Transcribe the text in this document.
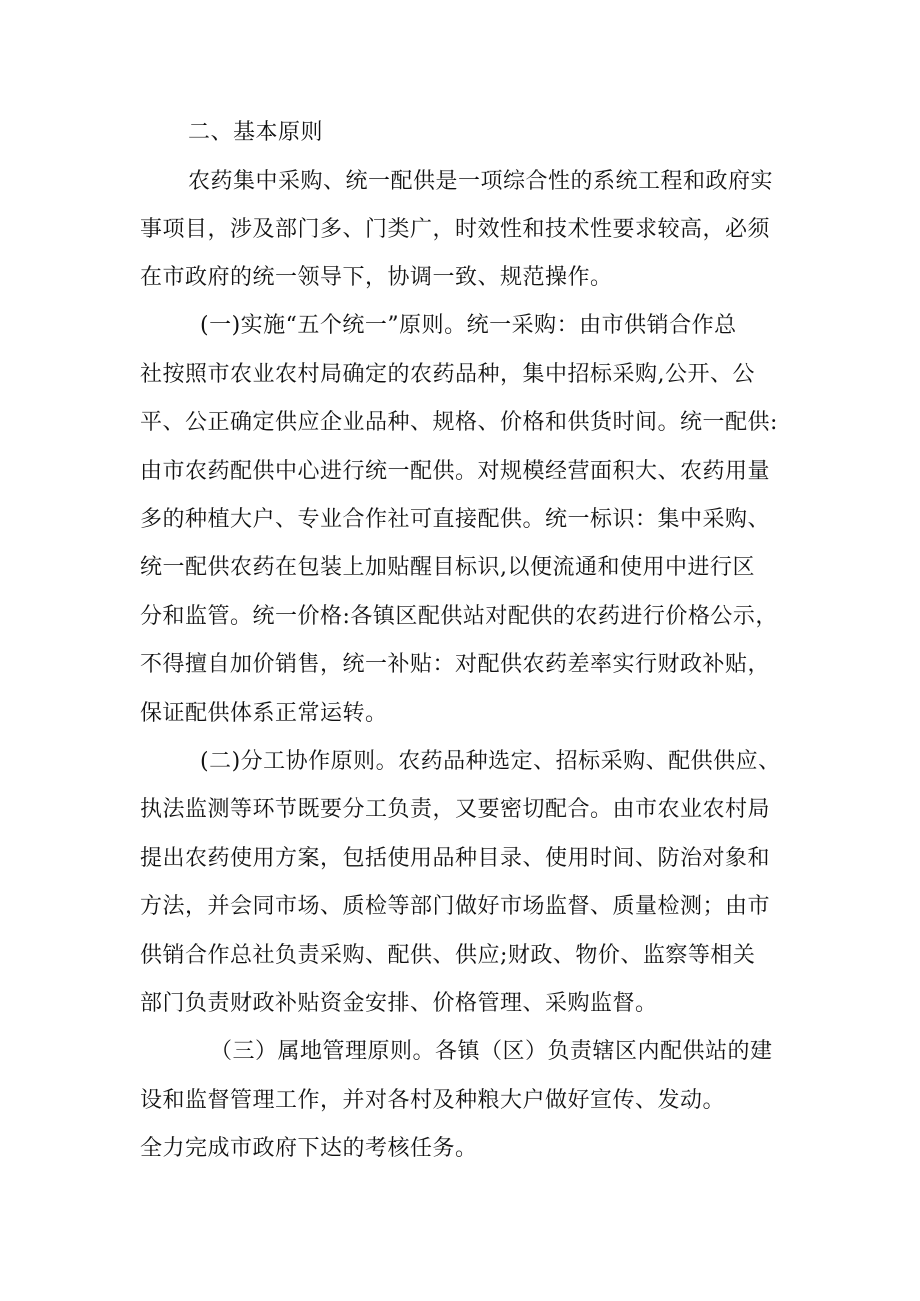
二、基本原则
农药集中采购、统一配供是一项综合性的系统工程和政府实
事项目，涉及部门多、门类广，时效性和技术性要求较高，必须
在市政府的统一领导下，协调一致、规范操作。
(一)实施“五个统一”原则。统一采购：由市供销合作总
社按照市农业农村局确定的农药品种，集中招标采购,公开、公
平、公正确定供应企业品种、规格、价格和供货时间。统一配供:
由市农药配供中心进行统一配供。对规模经营面积大、农药用量
多的种植大户、专业合作社可直接配供。统一标识：集中采购、
统一配供农药在包装上加贴醒目标识,以便流通和使用中进行区
分和监管。统一价格:各镇区配供站对配供的农药进行价格公示，
不得擅自加价销售，统一补贴：对配供农药差率实行财政补贴，
保证配供体系正常运转。
(二)分工协作原则。农药品种选定、招标采购、配供供应、
执法监测等环节既要分工负责，又要密切配合。由市农业农村局
提出农药使用方案，包括使用品种目录、使用时间、防治对象和
方法，并会同市场、质检等部门做好市场监督、质量检测；由市
供销合作总社负责采购、配供、供应;财政、物价、监察等相关
部门负责财政补贴资金安排、价格管理、采购监督。
（三）属地管理原则。各镇（区）负责辖区内配供站的建
设和监督管理工作，并对各村及种粮大户做好宣传、发动。
全力完成市政府下达的考核任务。
